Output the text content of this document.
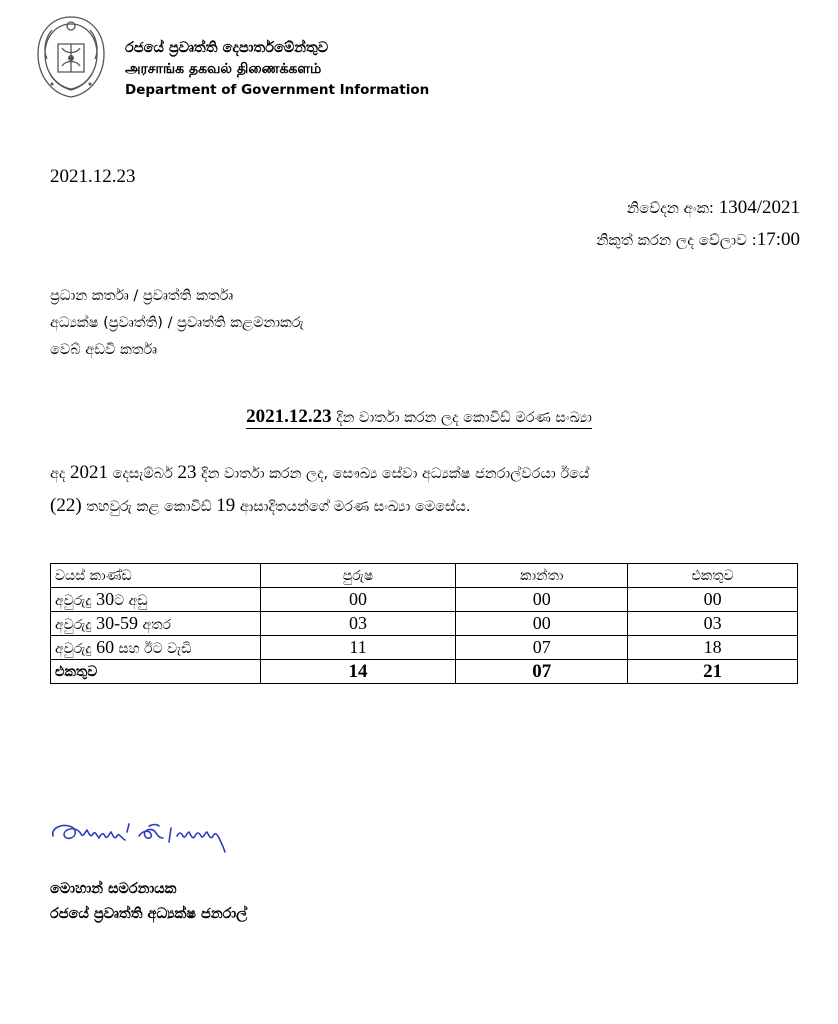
රජයේ ප්‍රවෘත්ති දෙපාර්තමේන්තුව
அரசாங்க தகவல் திணைக்களம்
Department of Government Information
2021.12.23
නිවේදන අංක: 1304/2021
නිකුත් කරන ලද වේලාව :17:00
ප්‍රධාන කර්තෘ / ප්‍රවෘත්ති කර්තෘ
අධ්‍යක්ෂ (ප්‍රවෘත්ති) / ප්‍රවෘත්ති කළමනාකරු
වෙබ් අඩවි කර්තෘ
2021.12.23 දින වාර්තා කරන ලද කොවිඩ් මරණ සංඛ්‍යා
අද 2021 දෙසැම්බර් 23 දින වාර්තා කරන ලද, සෞඛ්‍ය සේවා අධ්‍යක්ෂ ජනරාල්වරයා ඊයේ
(22) තහවුරු කළ කොවිඩ් 19 ආසාදිතයන්ගේ මරණ සංඛ්‍යා මෙසේය.
වයස් කාණ්ඩ	පුරුෂ	කාන්තා	එකතුව
අවුරුදු 30ට අඩු	00	00	00
අවුරුදු 30-59 අතර	03	00	03
අවුරුදු 60 සහ ඊට වැඩි	11	07	18
එකතුව	14	07	21
මොහාන් සමරනායක
රජයේ ප්‍රවෘත්ති අධ්‍යක්ෂ ජනරාල්
